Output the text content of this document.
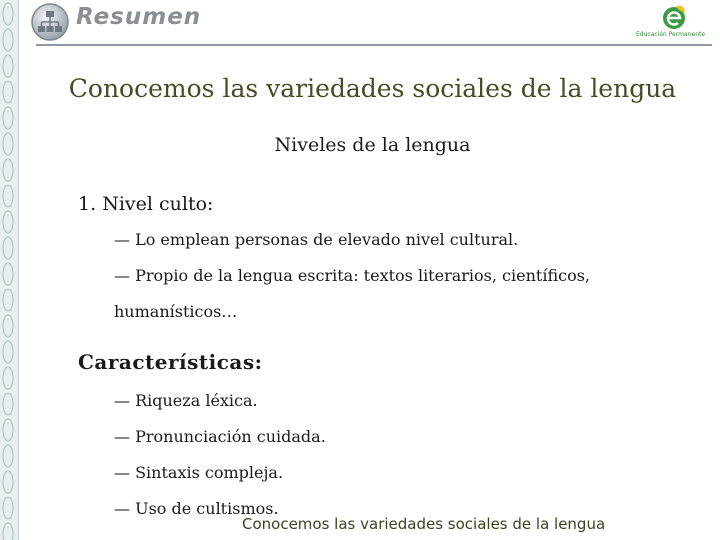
Resumen
Educación Permanente
Conocemos las variedades sociales de la lengua
Niveles de la lengua
1. Nivel culto:
— Lo emplean personas de elevado nivel cultural.
— Propio de la lengua escrita: textos literarios, científicos,
humanísticos…
Características:
— Riqueza léxica.
— Pronunciación cuidada.
— Sintaxis compleja.
— Uso de cultismos.
Conocemos las variedades sociales de la lengua
